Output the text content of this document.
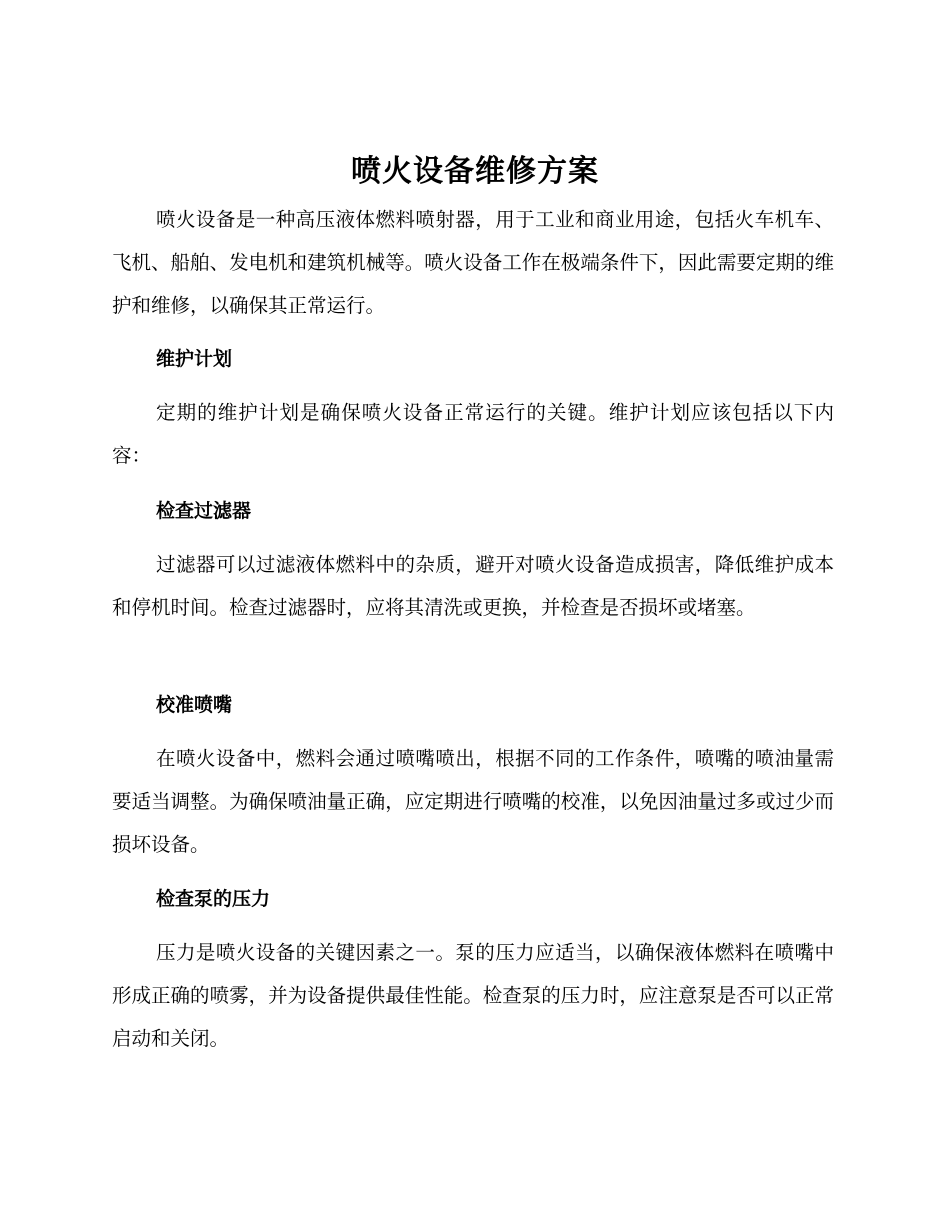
喷火设备维修方案
喷火设备是一种高压液体燃料喷射器，用于工业和商业用途，包括火车机车、飞机、船舶、发电机和建筑机械等。喷火设备工作在极端条件下，因此需要定期的维护和维修，以确保其正常运行。
维护计划
定期的维护计划是确保喷火设备正常运行的关键。维护计划应该包括以下内容：
检查过滤器
过滤器可以过滤液体燃料中的杂质，避开对喷火设备造成损害，降低维护成本和停机时间。检查过滤器时，应将其清洗或更换，并检查是否损坏或堵塞。
校准喷嘴
在喷火设备中，燃料会通过喷嘴喷出，根据不同的工作条件，喷嘴的喷油量需要适当调整。为确保喷油量正确，应定期进行喷嘴的校准，以免因油量过多或过少而损坏设备。
检查泵的压力
压力是喷火设备的关键因素之一。泵的压力应适当，以确保液体燃料在喷嘴中形成正确的喷雾，并为设备提供最佳性能。检查泵的压力时，应注意泵是否可以正常启动和关闭。
